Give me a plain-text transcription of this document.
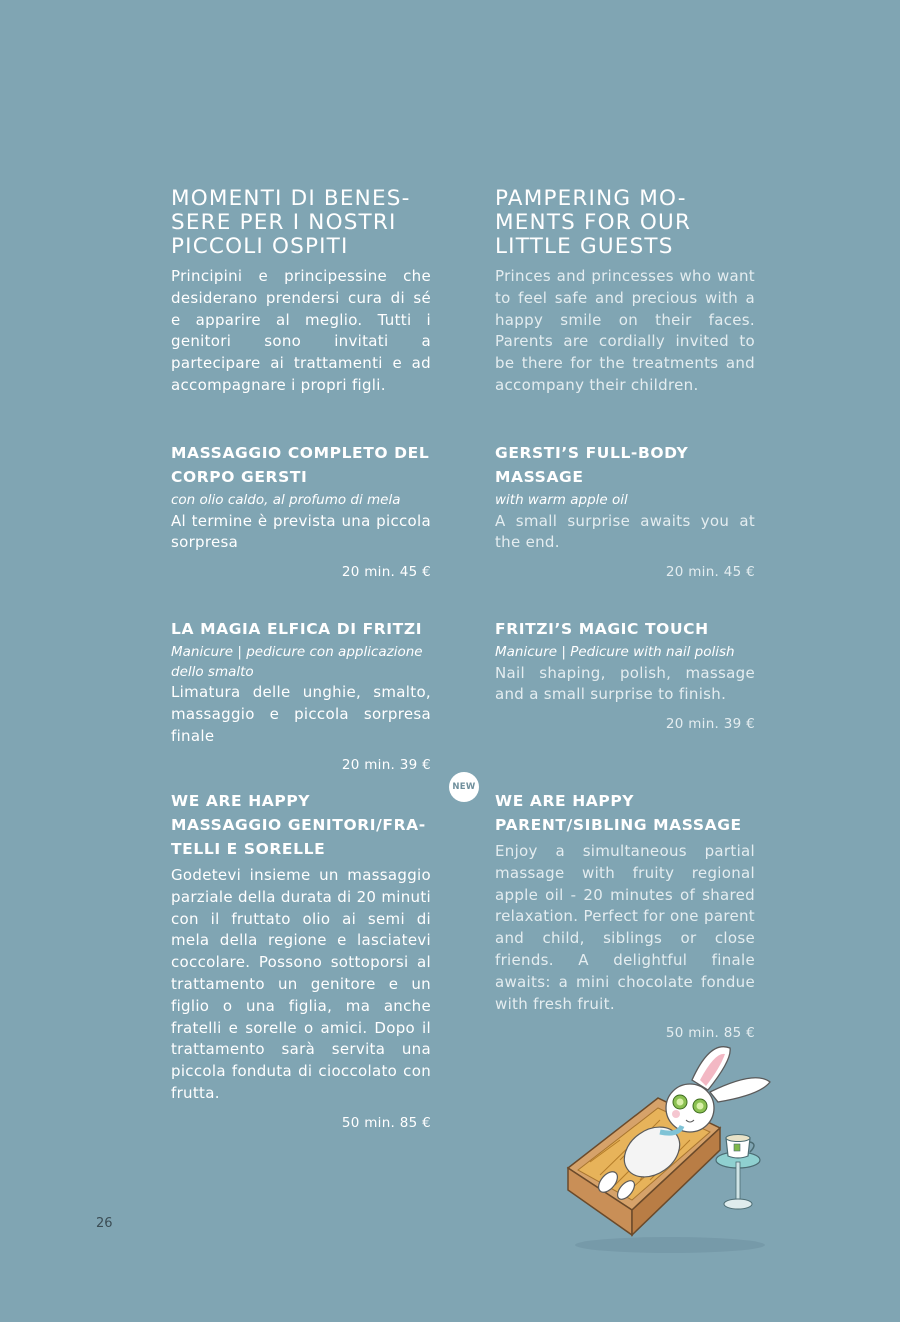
MOMENTI DI BENES-
SERE PER I NOSTRI
PICCOLI OSPITI

Principini e principessine che desiderano prendersi cura di sé e apparire al meglio. Tutti i genitori sono invitati a partecipare ai trattamenti e ad accompagnare i propri figli.

MASSAGGIO COMPLETO DEL
CORPO GERSTI

con olio caldo, al profumo di mela

Al termine è prevista una piccola sorpresa

20 min. 45 €

LA MAGIA ELFICA DI FRITZI

Manicure | pedicure con applicazione dello smalto

Limatura delle unghie, smalto, massaggio e piccola sorpresa finale

20 min. 39 €

WE ARE HAPPY
MASSAGGIO GENITORI/FRA-
TELLI E SORELLE

Godetevi insieme un massaggio parziale della durata di 20 minuti con il fruttato olio ai semi di mela della regione e lasciatevi coccolare. Possono sottoporsi al trattamento un genitore e un figlio o una figlia, ma anche fratelli e sorelle o amici. Dopo il trattamento sarà servita una piccola fonduta di cioccolato con frutta.

50 min. 85 €

PAMPERING MO-
MENTS FOR OUR
LITTLE GUESTS

Princes and princesses who want to feel safe and precious with a happy smile on their faces. Parents are cordially invited to be there for the treatments and accompany their children.

GERSTI’S FULL-BODY
MASSAGE

with warm apple oil

A small surprise awaits you at the end.

20 min. 45 €

FRITZI’S MAGIC TOUCH

Manicure | Pedicure with nail polish

Nail shaping, polish, massage and a small surprise to finish.

20 min. 39 €

WE ARE HAPPY
PARENT/SIBLING MASSAGE

Enjoy a simultaneous partial massage with fruity regional apple oil - 20 minutes of shared relaxation. Perfect for one parent and child, siblings or close friends. A delightful finale awaits: a mini chocolate fondue with fresh fruit.

50 min. 85 €

NEW
26
